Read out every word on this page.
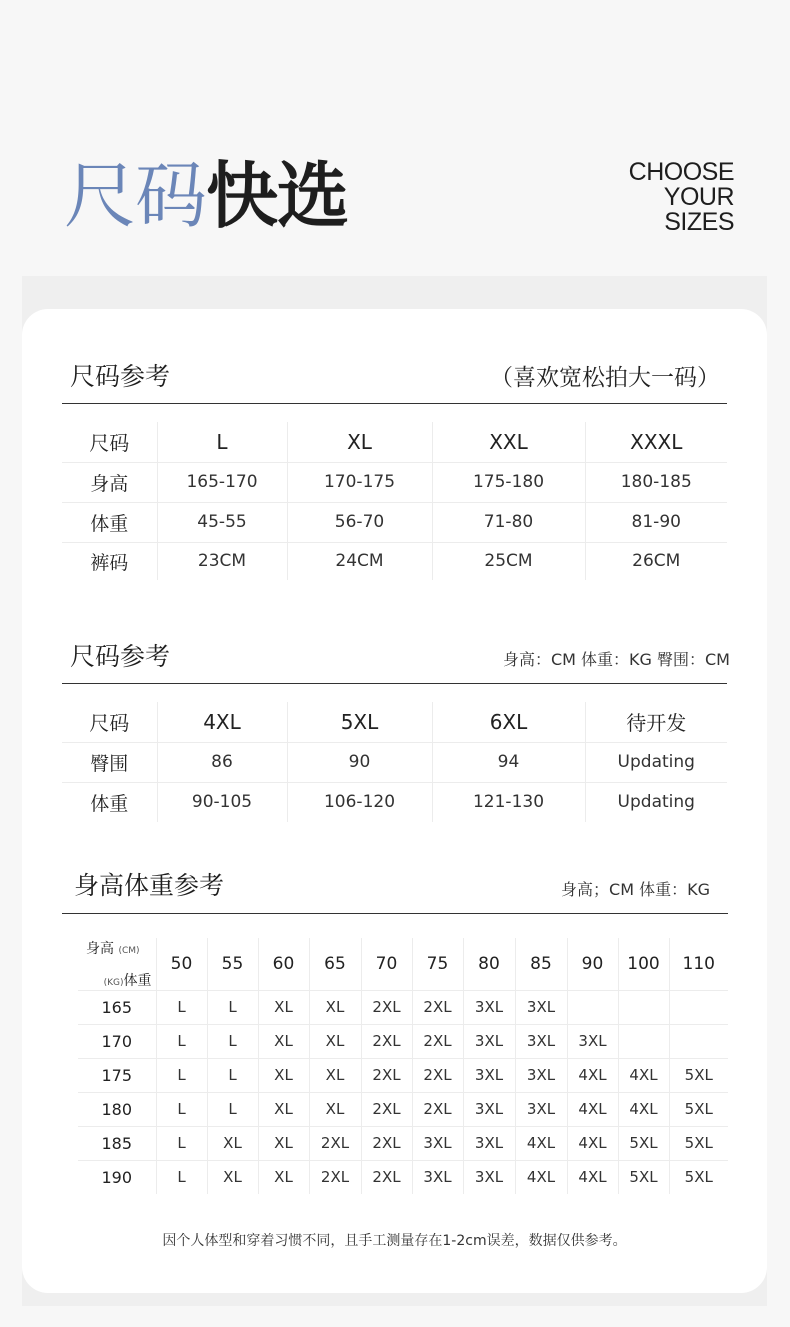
尺码快选	CHOOSE
YOUR
SIZES
尺码参考	（喜欢宽松拍大一码）
尺码	L	XL	XXL	XXXL
身高	165-170	170-175	175-180	180-185
体重	45-55	56-70	71-80	81-90
裤码	23CM	24CM	25CM	26CM
尺码参考	身高：CM 体重：KG 臀围：CM
尺码	4XL	5XL	6XL	待开发
臀围	86	90	94	Updating
体重	90-105	106-120	121-130	Updating
身高体重参考	身高；CM 体重：KG
(KG)体重
身高 (CM)	50	55	60	65	70	75	80	85	90	100	110
165	L	L	XL	XL	2XL	2XL	3XL	3XL			
170	L	L	XL	XL	2XL	2XL	3XL	3XL	3XL		
175	L	L	XL	XL	2XL	2XL	3XL	3XL	4XL	4XL	5XL
180	L	L	XL	XL	2XL	2XL	3XL	3XL	4XL	4XL	5XL
185	L	XL	XL	2XL	2XL	3XL	3XL	4XL	4XL	5XL	5XL
190	L	XL	XL	2XL	2XL	3XL	3XL	4XL	4XL	5XL	5XL
因个人体型和穿着习惯不同，且手工测量存在1-2cm误差，数据仅供参考。
